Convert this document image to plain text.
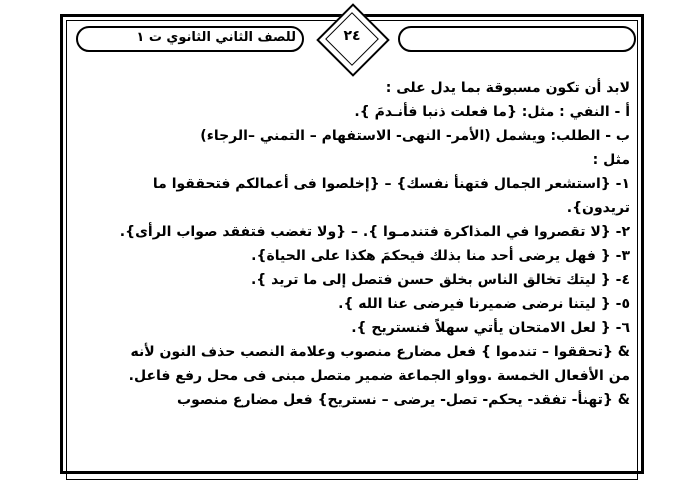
للصف الثاني الثانوي ت ١	٢٤

لابد أن تكون مسبوقة بما يدل على :

أ - النفي : مثل: {ما فعلت ذنبا فأنـدمَ }.

ب - الطلب: ويشمل (الأمر- النهى- الاستفهام – التمني –الرجاء)

مثل :

١- {استشعر الجمال فتهنأ نفسك} – {إخلصوا فى أعمالكم فتحققوا ما

تريدون}.

٢- {لا تقصروا في المذاكرة فتندمـوا }. – {ولا تغضب فتفقد صواب الرأى}.

٣- { فهل يرضى أحد منا بذلك فيحكمَ هكذا على الحياة}.

٤- { ليتك تخالق الناس بخلق حسن فتصل إلى ما تريد }.

٥- { ليتنا نرضى ضميرنا فيرضى عنا الله }.

٦- { لعل الامتحان يأتي سهلاً فنستريح }.

& {تحققوا – تندموا } فعل مضارع منصوب وعلامة النصب حذف النون لأنه

من الأفعال الخمسة .وواو الجماعة ضمير متصل مبنى فى محل رفع فاعل.

& {تهنأ- تفقد- يحكم- تصل- يرضى – نستريح} فعل مضارع منصوب
